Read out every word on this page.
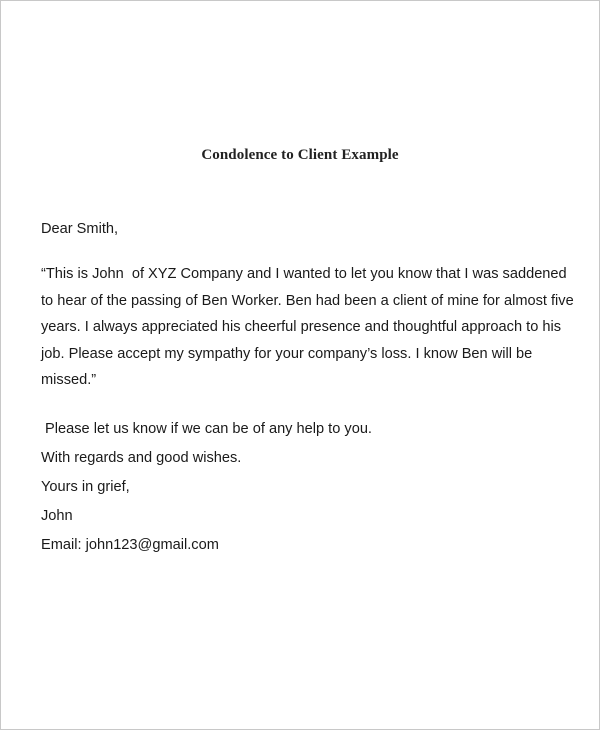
Condolence to Client Example
Dear Smith,
“This is John  of XYZ Company and I wanted to let you know that I was saddened
to hear of the passing of Ben Worker. Ben had been a client of mine for almost five
years. I always appreciated his cheerful presence and thoughtful approach to his
job. Please accept my sympathy for your company’s loss. I know Ben will be
missed.”
Please let us know if we can be of any help to you.
With regards and good wishes.
Yours in grief,
John
Email: john123@gmail.com
